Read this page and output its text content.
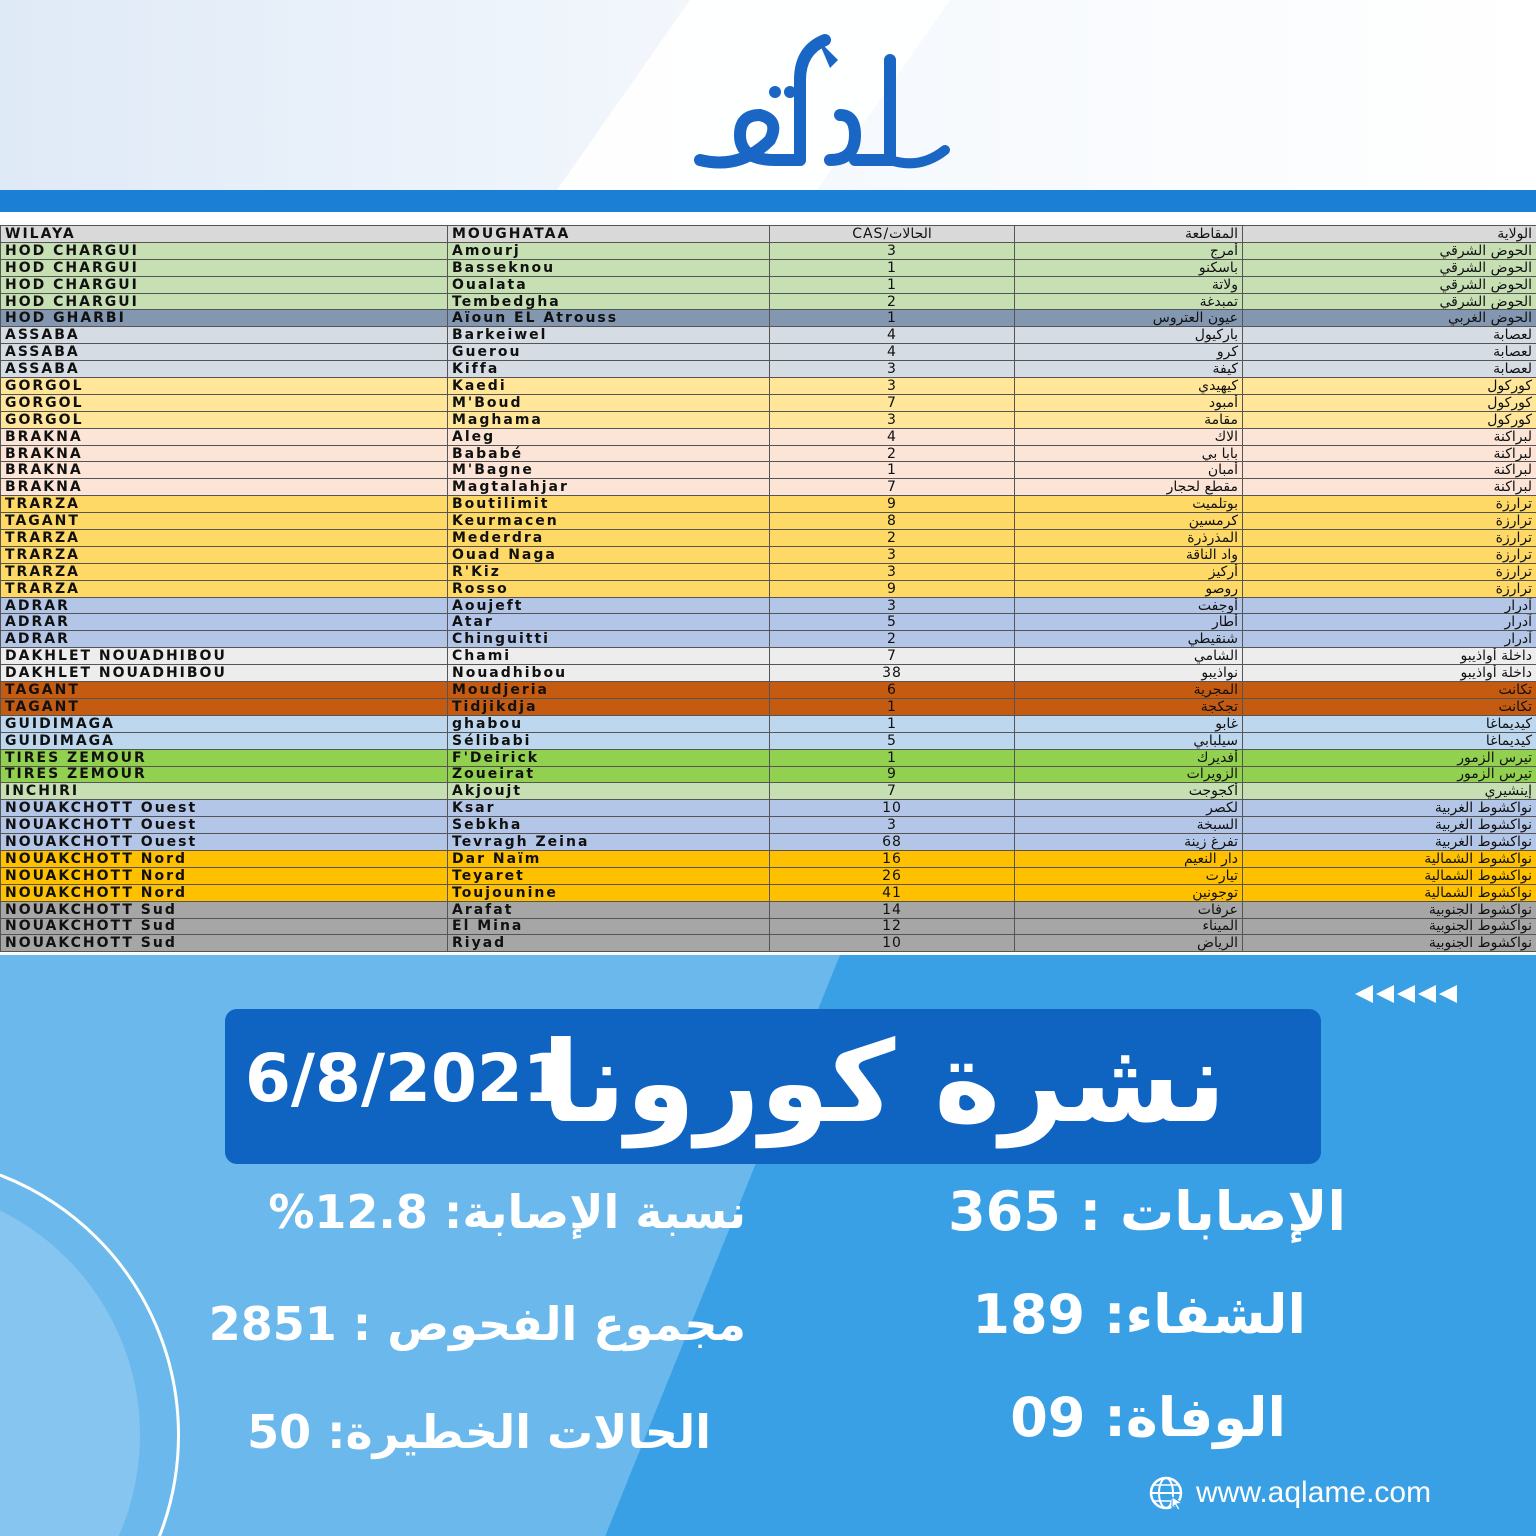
WILAYA	MOUGHATAA	CAS/الحالات	المقاطعة	الولاية
HOD CHARGUI	Amourj	3	أمرج	الحوض الشرقي
HOD CHARGUI	Basseknou	1	باسكنو	الحوض الشرقي
HOD CHARGUI	Oualata	1	ولاتة	الحوض الشرقي
HOD CHARGUI	Tembedgha	2	تمبدغة	الحوض الشرقي
HOD GHARBI	Aïoun EL Atrouss	1	عيون العتروس	الحوض الغربي
ASSABA	Barkeiwel	4	باركيول	لعصابة
ASSABA	Guerou	4	كرو	لعصابة
ASSABA	Kiffa	3	كيفة	لعصابة
GORGOL	Kaedi	3	كيهيدي	كوركول
GORGOL	M'Boud	7	أمبود	كوركول
GORGOL	Maghama	3	مقامة	كوركول
BRAKNA	Aleg	4	الاك	لبراكنة
BRAKNA	Bababé	2	بابا بي	لبراكنة
BRAKNA	M'Bagne	1	أمبان	لبراكنة
BRAKNA	Magtalahjar	7	مقطع لحجار	لبراكنة
TRARZA	Boutilimit	9	بوتلميت	ترارزة
TAGANT	Keurmacen	8	كرمسين	ترارزة
TRARZA	Mederdra	2	المذرذرة	ترارزة
TRARZA	Ouad Naga	3	واد الناقة	ترارزة
TRARZA	R'Kiz	3	أركيز	ترارزة
TRARZA	Rosso	9	روصو	ترارزة
ADRAR	Aoujeft	3	أوجفت	آدرار
ADRAR	Atar	5	أطار	آدرار
ADRAR	Chinguitti	2	شنقيطي	آدرار
DAKHLET NOUADHIBOU	Chami	7	الشامي	داخلة أواذيبو
DAKHLET NOUADHIBOU	Nouadhibou	38	نواذيبو	داخلة أواذيبو
TAGANT	Moudjeria	6	المجرية	تكانت
TAGANT	Tidjikdja	1	تجكجة	تكانت
GUIDIMAGA	ghabou	1	غابو	كيديماغا
GUIDIMAGA	Sélibabi	5	سيلبابي	كيديماغا
TIRES ZEMOUR	F'Deirick	1	أفديرك	تيرس الزمور
TIRES ZEMOUR	Zoueirat	9	الزويرات	تيرس الزمور
INCHIRI	Akjoujt	7	أكجوجت	إينشيري
NOUAKCHOTT Ouest	Ksar	10	لكصر	نواكشوط الغربية
NOUAKCHOTT Ouest	Sebkha	3	السبخة	نواكشوط الغربية
NOUAKCHOTT Ouest	Tevragh Zeina	68	تفرغ زينة	نواكشوط الغربية
NOUAKCHOTT Nord	Dar Naïm	16	دار النعيم	نواكشوط الشمالية
NOUAKCHOTT Nord	Teyaret	26	تيارت	نواكشوط الشمالية
NOUAKCHOTT Nord	Toujounine	41	توجونين	نواكشوط الشمالية
NOUAKCHOTT Sud	Arafat	14	عرفات	نواكشوط الجنوبية
NOUAKCHOTT Sud	El Mina	12	الميناء	نواكشوط الجنوبية
NOUAKCHOTT Sud	Riyad	10	الرياض	نواكشوط الجنوبية
نشرة كورونا
6/8/2021
الإصابات : 365
الشفاء: 189
الوفاة: 09
نسبة الإصابة: 12.8%
مجموع الفحوص : 2851
الحالات الخطيرة: 50
www.aqlame.com
